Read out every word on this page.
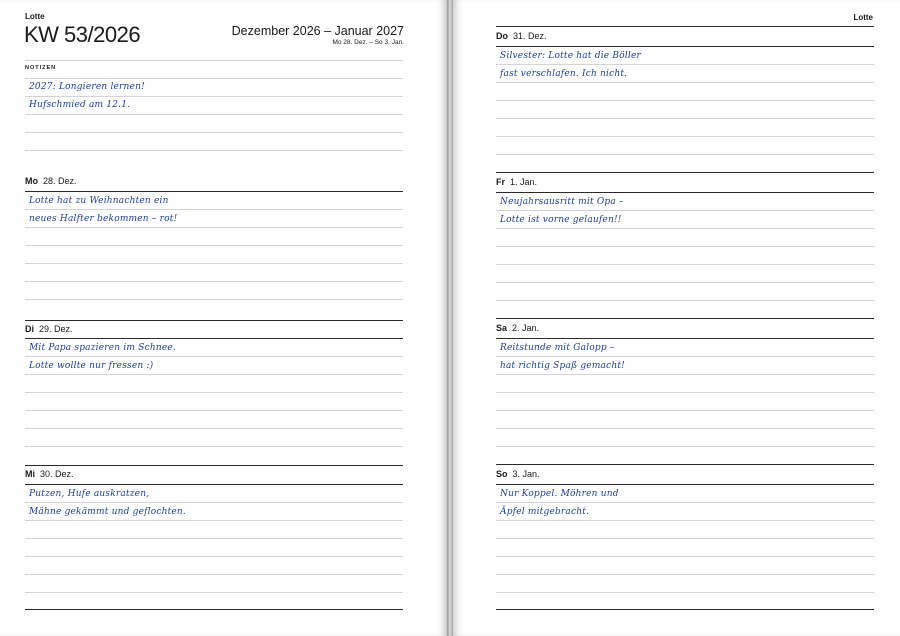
Lotte
KW 53/2026	Dezember 2026 – Januar 2027
Mo 28. Dez. – So 3. Jan.
NOTIZEN
2027: Longieren lernen!
Hufschmied am 12.1.
Mo 28. Dez.
Lotte hat zu Weihnachten ein
neues Halfter bekommen – rot!
Di 29. Dez.
Mit Papa spazieren im Schnee.
Lotte wollte nur fressen :)
Mi 30. Dez.
Putzen, Hufe auskratzen,
Mähne gekämmt und geflochten.
Lotte
Do 31. Dez.
Silvester: Lotte hat die Böller
fast verschlafen. Ich nicht.
Fr 1. Jan.
Neujahrsausritt mit Opa –
Lotte ist vorne gelaufen!!
Sa 2. Jan.
Reitstunde mit Galopp –
hat richtig Spaß gemacht!
So 3. Jan.
Nur Koppel. Möhren und
Äpfel mitgebracht.
